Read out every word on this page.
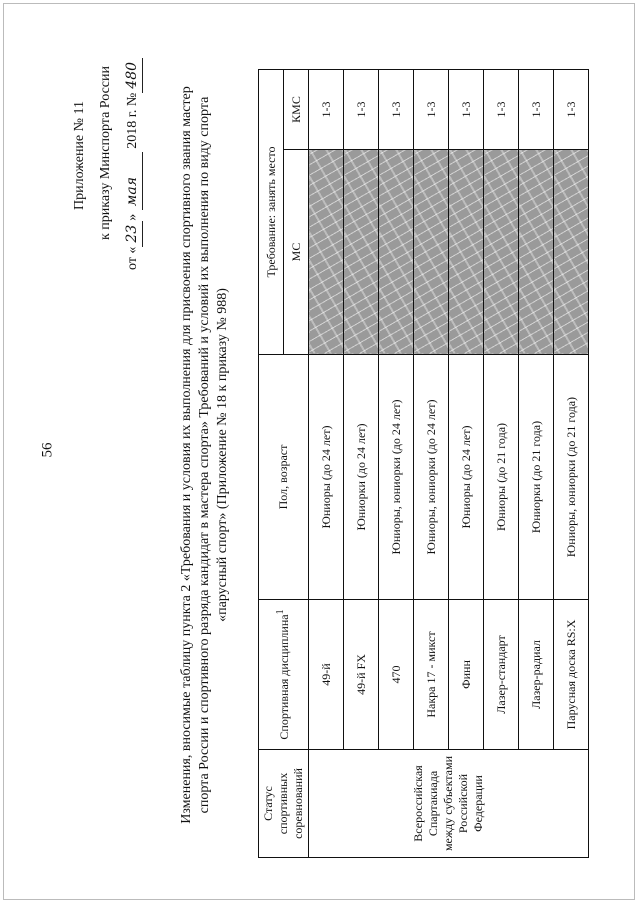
56
Приложение № 11 к приказу Минспорта России
от «23» мая 2018 г. №480
Изменения, вносимые таблицу пункта 2 «Требования и условия их выполнения для присвоения спортивного звания мастер спорта России и спортивного разряда кандидат в мастера спорта» Требований и условий их выполнения по виду спорта «парусный спорт» (Приложение № 18 к приказу № 988)
Статус спортивных соревнований	Спортивная дисциплина$^1$	Пол, возраст	Требование: занять место	
			МС	КМС
Всероссийская Спартакиада между субъектами Российской Федерации	49-й	Юниоры (до 24 лет)		1-3
	49-й FX	Юниорки (до 24 лет)		1-3
	470	Юниоры, юниорки (до 24 лет)		1-3
	Накра 17 - микст	Юниоры, юниорки (до 24 лет)		1-3
	Финн	Юниоры (до 24 лет)		1-3
	Лазер-стандарт	Юниоры (до 21 года)		1-3
	Лазер-радиал	Юниорки (до 21 года)		1-3
	Парусная доска RS:X	Юниоры, юниорки (до 21 года)		1-3
